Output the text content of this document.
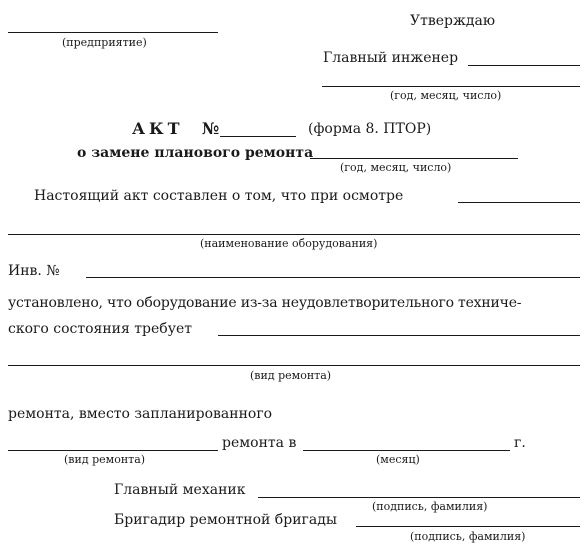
(предприятие)
Утверждаю
Главный инженер
(год, месяц, число)
АКТ №	(форма 8. ПТОР)
о замене планового ремонта
(год, месяц, число)
Настоящий акт составлен о том, что при осмотре
(наименование оборудования)
Инв. №
установлено, что оборудование из-за неудовлетворительного техниче-
ского состояния требует
(вид ремонта)
ремонта, вместо запланированного
ремонта в	г.
(вид ремонта)	(месяц)
Главный механик
(подпись, фамилия)
Бригадир ремонтной бригады
(подпись, фамилия)
